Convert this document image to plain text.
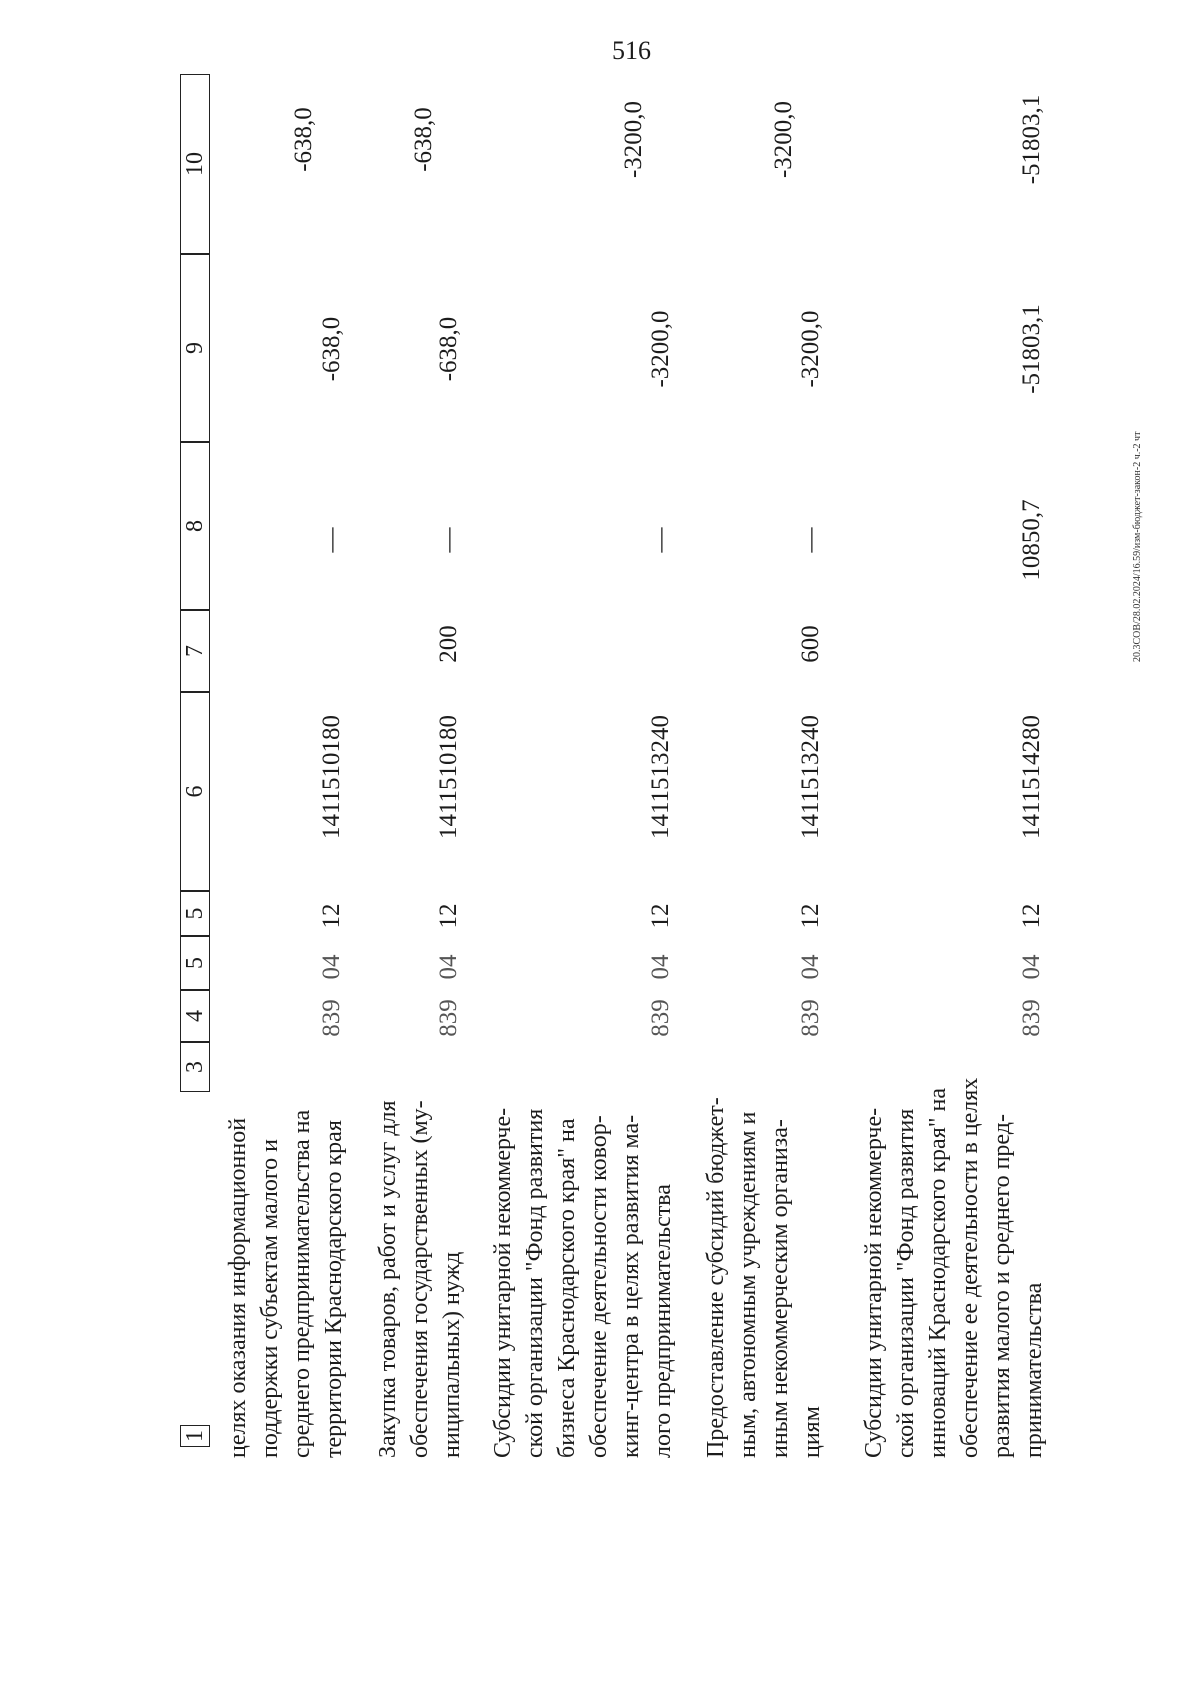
516
1
3
4
5
5
6
7
8
9
10
целях оказания информационной поддержки субъектам малого и среднего предпринимательства на территории Краснодарского края
839
04
12
1411510180
—
-638,0
-638,0
Закупка товаров, работ и услуг для обеспечения государственных (му- ниципальных) нужд
839
04
12
1411510180
200
—
-638,0
-638,0
Субсидии унитарной некоммерче- ской организации "Фонд развития бизнеса Краснодарского края" на обеспечение деятельности ковор- кинг-центра в целях развития ма- лого предпринимательства
839
04
12
1411513240
—
-3200,0
-3200,0
Предоставление субсидий бюджет- ным, автономным учреждениям и иным некоммерческим организа- циям
839
04
12
1411513240
600
—
-3200,0
-3200,0
Субсидии унитарной некоммерче- ской организации "Фонд развития инноваций Краснодарского края" на обеспечение ее деятельности в целях развития малого и среднего пред- принимательства
839
04
12
1411514280
10850,7
-51803,1
-51803,1
20.3СОВ/28.02.2024/16.59/изм-бюджет-закон-2 ч.-2 чт
